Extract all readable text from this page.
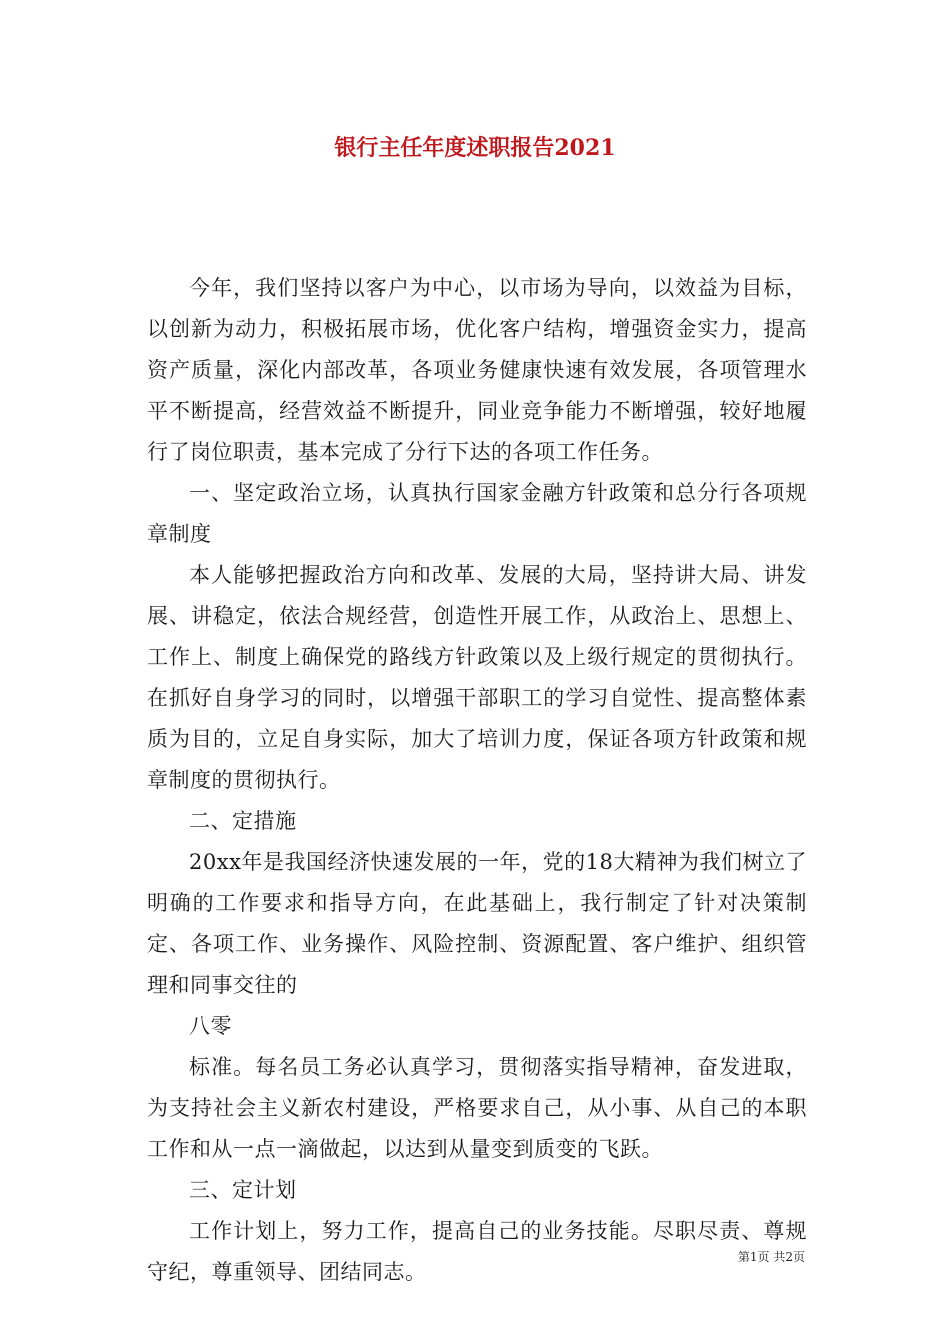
银行主任年度述职报告2021

今年，我们坚持以客户为中心，以市场为导向，以效益为目标，以创新为动力，积极拓展市场，优化客户结构，增强资金实力，提高资产质量，深化内部改革，各项业务健康快速有效发展，各项管理水平不断提高，经营效益不断提升，同业竞争能力不断增强，较好地履行了岗位职责，基本完成了分行下达的各项工作任务。

一、坚定政治立场，认真执行国家金融方针政策和总分行各项规章制度

本人能够把握政治方向和改革、发展的大局，坚持讲大局、讲发展、讲稳定，依法合规经营，创造性开展工作，从政治上、思想上、工作上、制度上确保党的路线方针政策以及上级行规定的贯彻执行。在抓好自身学习的同时，以增强干部职工的学习自觉性、提高整体素质为目的，立足自身实际，加大了培训力度，保证各项方针政策和规章制度的贯彻执行。

二、定措施

20xx年是我国经济快速发展的一年，党的18大精神为我们树立了明确的工作要求和指导方向，在此基础上，我行制定了针对决策制定、各项工作、业务操作、风险控制、资源配置、客户维护、组织管理和同事交往的

八零

标准。每名员工务必认真学习，贯彻落实指导精神，奋发进取，为支持社会主义新农村建设，严格要求自己，从小事、从自己的本职工作和从一点一滴做起，以达到从量变到质变的飞跃。

三、定计划

工作计划上，努力工作，提高自己的业务技能。尽职尽责、尊规守纪，尊重领导、团结同志。

第1页 共2页
